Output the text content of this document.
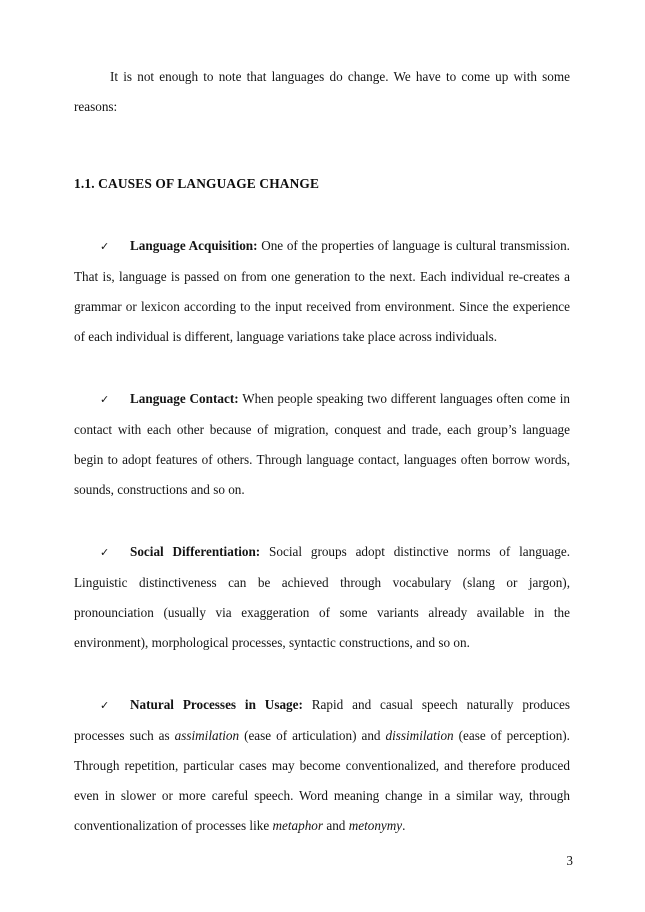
It is not enough to note that languages do change. We have to come up with some reasons:

1.1. CAUSES OF LANGUAGE CHANGE

✓ Language Acquisition: One of the properties of language is cultural transmission. That is, language is passed on from one generation to the next. Each individual re-creates a grammar or lexicon according to the input received from environment. Since the experience of each individual is different, language variations take place across individuals.

✓ Language Contact: When people speaking two different languages often come in contact with each other because of migration, conquest and trade, each group’s language begin to adopt features of others. Through language contact, languages often borrow words, sounds, constructions and so on.

✓ Social Differentiation: Social groups adopt distinctive norms of language. Linguistic distinctiveness can be achieved through vocabulary (slang or jargon), pronounciation (usually via exaggeration of some variants already available in the environment), morphological processes, syntactic constructions, and so on.

✓ Natural Processes in Usage: Rapid and casual speech naturally produces processes such as assimilation (ease of articulation) and dissimilation (ease of perception). Through repetition, particular cases may become conventionalized, and therefore produced even in slower or more careful speech. Word meaning change in a similar way, through conventionalization of processes like metaphor and metonymy.

3
